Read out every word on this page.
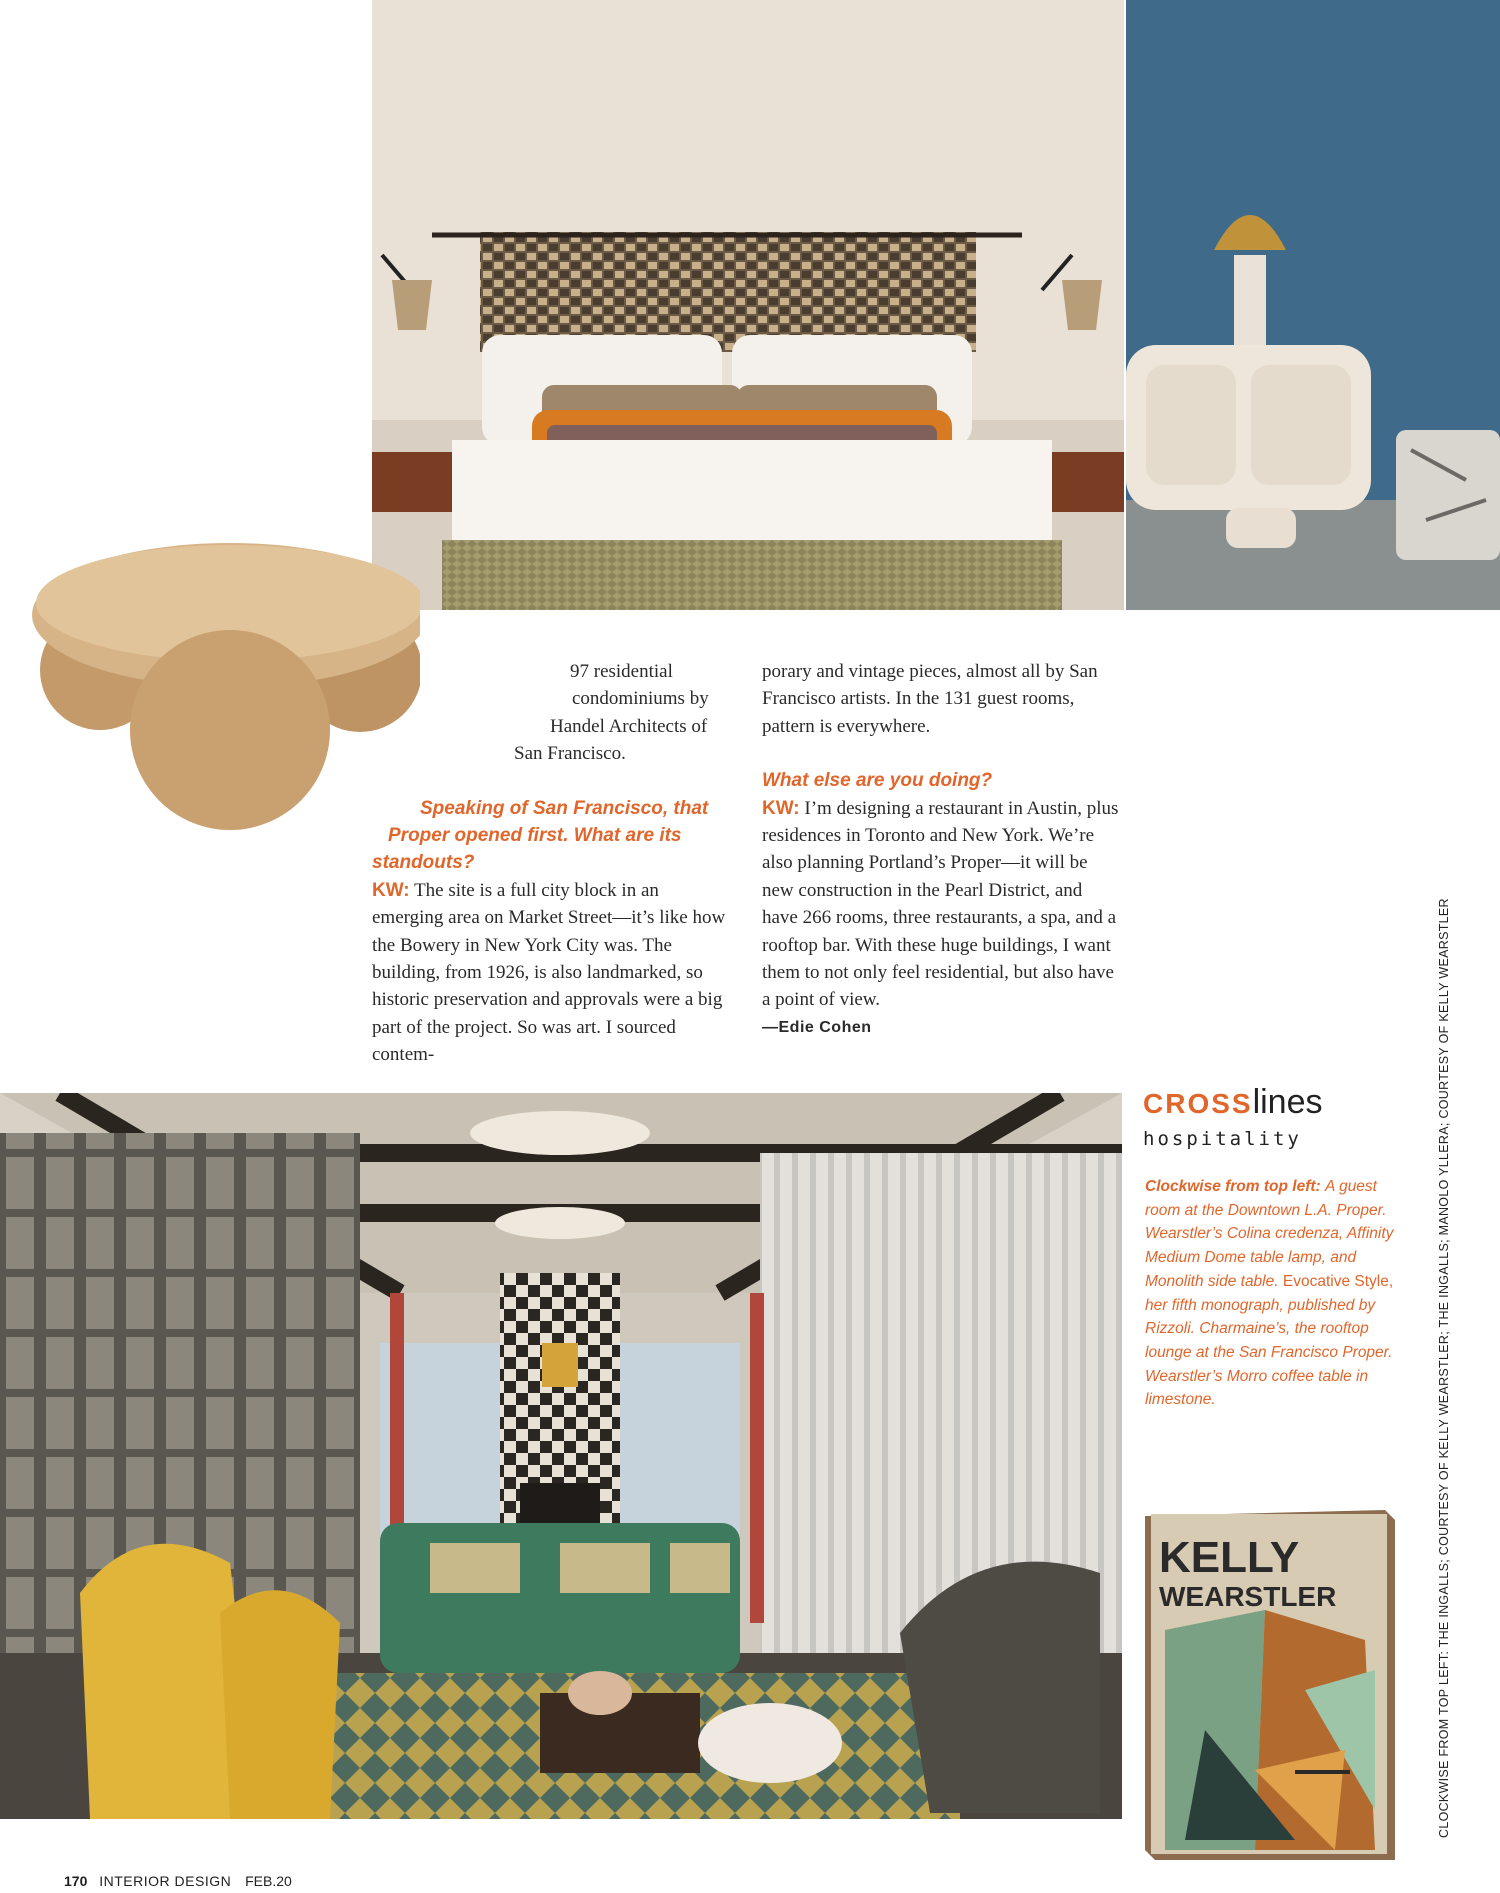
97 residential

condominiums by

Handel Architects of

San Francisco.

Speaking of San Francisco, that

Proper opened first. What are its

standouts?

KW: The site is a full city block in an emerging area on Market Street—it’s like how the Bowery in New York City was. The building, from 1926, is also landmarked, so historic preservation and approvals were a big part of the project. So was art. I sourced contem-

porary and vintage pieces, almost all by San Francisco artists. In the 131 guest rooms, pattern is everywhere.

What else are you doing?

KW: I’m designing a restaurant in Austin, plus residences in Toronto and New York. We’re also planning Portland’s Proper—it will be new construction in the Pearl District, and have 266 rooms, three restaurants, a spa, and a rooftop bar. With these huge buildings, I want them to not only feel residential, but also have a point of view.

—Edie Cohen

CROSSlines
hospitality
Clockwise from top left: A guest room at the Downtown L.A. Proper. Wearstler’s Colina credenza, Affinity Medium Dome table lamp, and Monolith side table. Evocative Style, her fifth monograph, published by Rizzoli. Charmaine’s, the rooftop lounge at the San Francisco Proper. Wearstler’s Morro coffee table in limestone.
KELLY
WEARSTLER	CLOCKWISE FROM TOP LEFT: THE INGALLS; COURTESY OF KELLY WEARSTLER; THE INGALLS; MANOLO YLLERA; COURTESY OF KELLY WEARSTLER
170 INTERIOR DESIGN FEB.20
